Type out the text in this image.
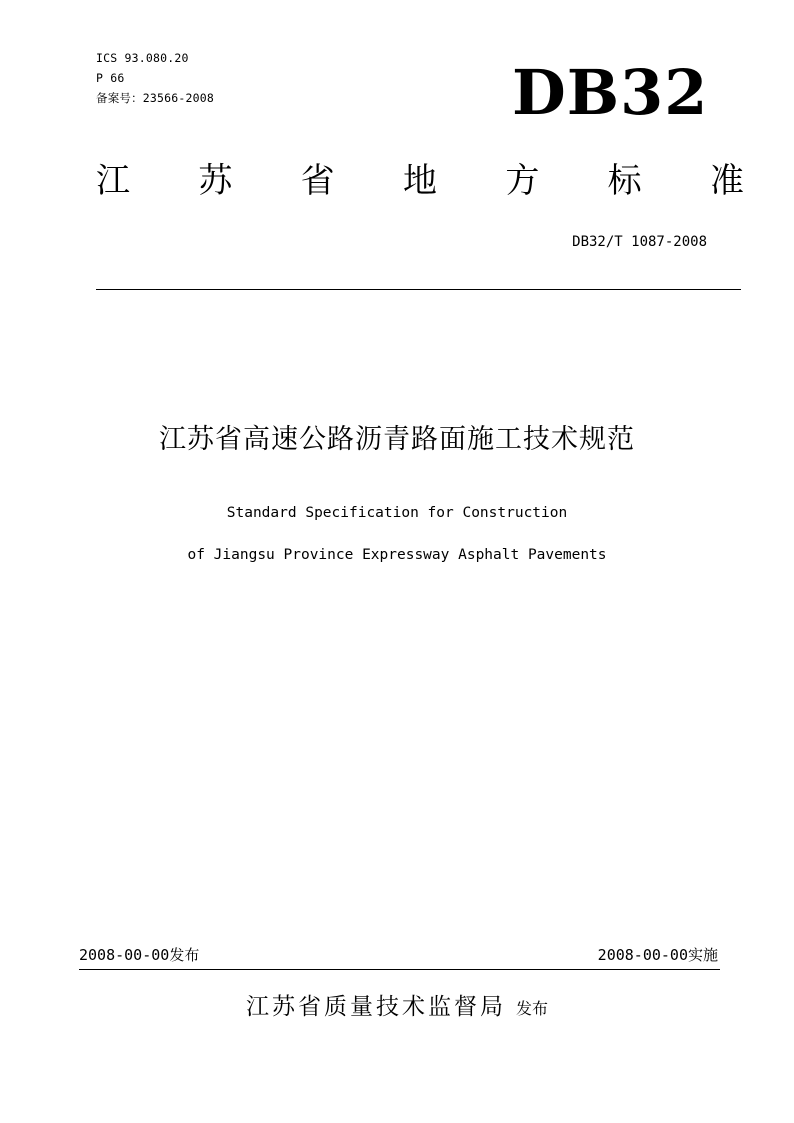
ICS 93.080.20
P 66
备案号：23566-2008	DB32
江 苏 省 地 方 标 准
DB32/T 1087-2008
江苏省高速公路沥青路面施工技术规范
Standard Specification for Construction
of Jiangsu Province Expressway Asphalt Pavements
2008-00-00发布	2008-00-00实施
江苏省质量技术监督局 发布
